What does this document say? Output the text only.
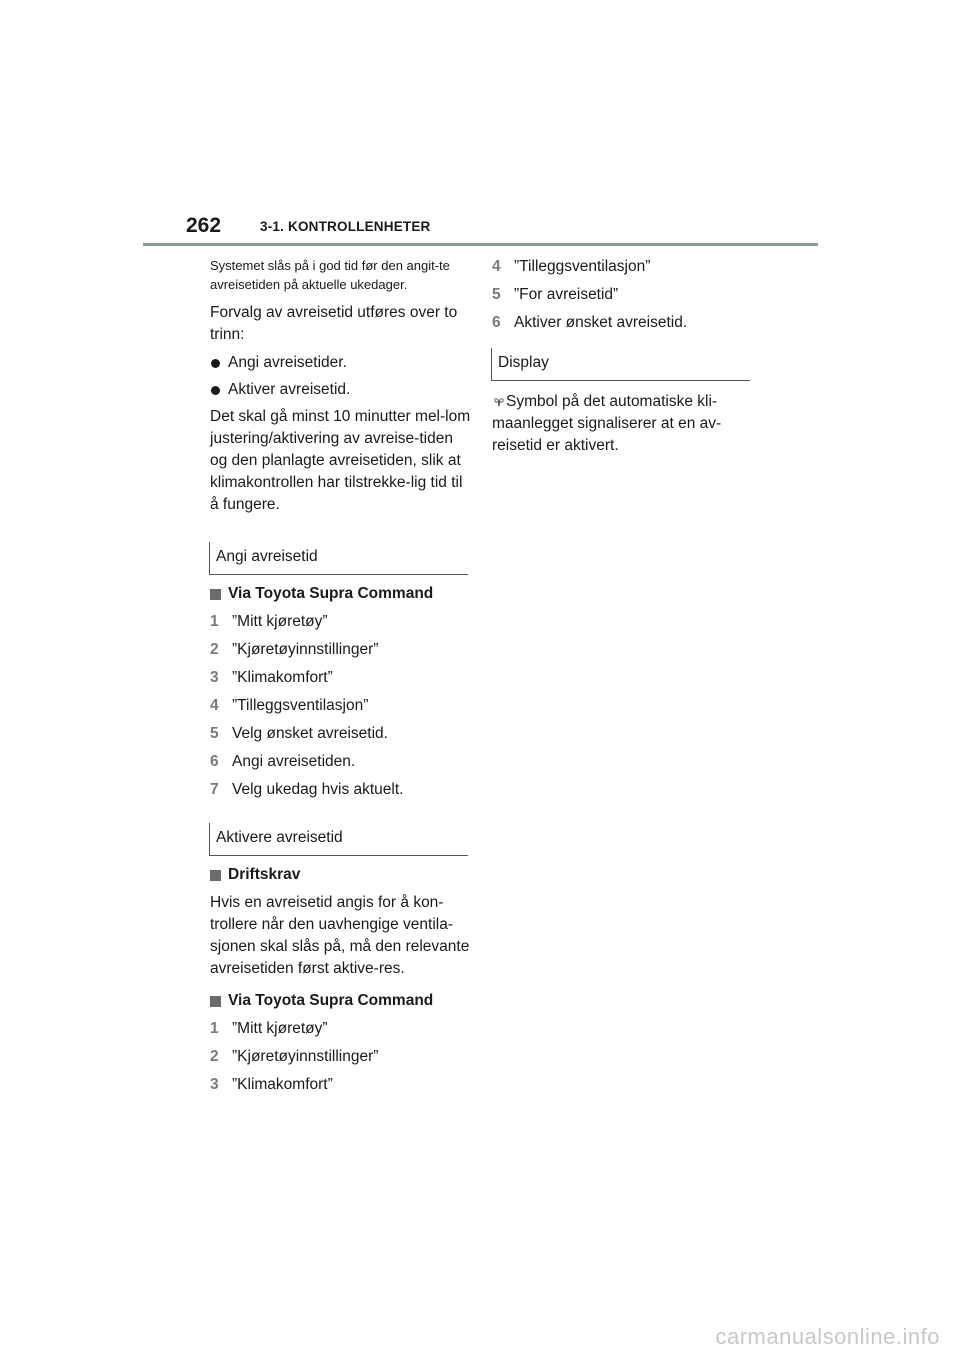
262	3-1. KONTROLLENHETER

Systemet slås på i god tid før den angit-te avreisetiden på aktuelle ukedager.

Forvalg av avreisetid utføres over to trinn:

Angi avreisetider.
Aktiver avreisetid.

Det skal gå minst 10 minutter mel-lom justering/aktivering av avreise-tiden og den planlagte avreisetiden, slik at klimakontrollen har tilstrekke-lig tid til å fungere.

Angi avreisetid
Via Toyota Supra Command
1 ”Mitt kjøretøy”
2 ”Kjøretøyinnstillinger”
3 ”Klimakomfort”
4 ”Tilleggsventilasjon”
5 Velg ønsket avreisetid.
6 Angi avreisetiden.
7 Velg ukedag hvis aktuelt.
Aktivere avreisetid
Driftskrav

Hvis en avreisetid angis for å kon-trollere når den uavhengige ventila-sjonen skal slås på, må den relevante avreisetiden først aktive-res.

Via Toyota Supra Command
1 ”Mitt kjøretøy”
2 ”Kjøretøyinnstillinger”
3 ”Klimakomfort”
4 ”Tilleggsventilasjon”
5 ”For avreisetid”
6 Aktiver ønsket avreisetid.
Display

Symbol på det automatiske kli-maanlegget signaliserer at en av-reisetid er aktivert.

carmanualsonline.info
